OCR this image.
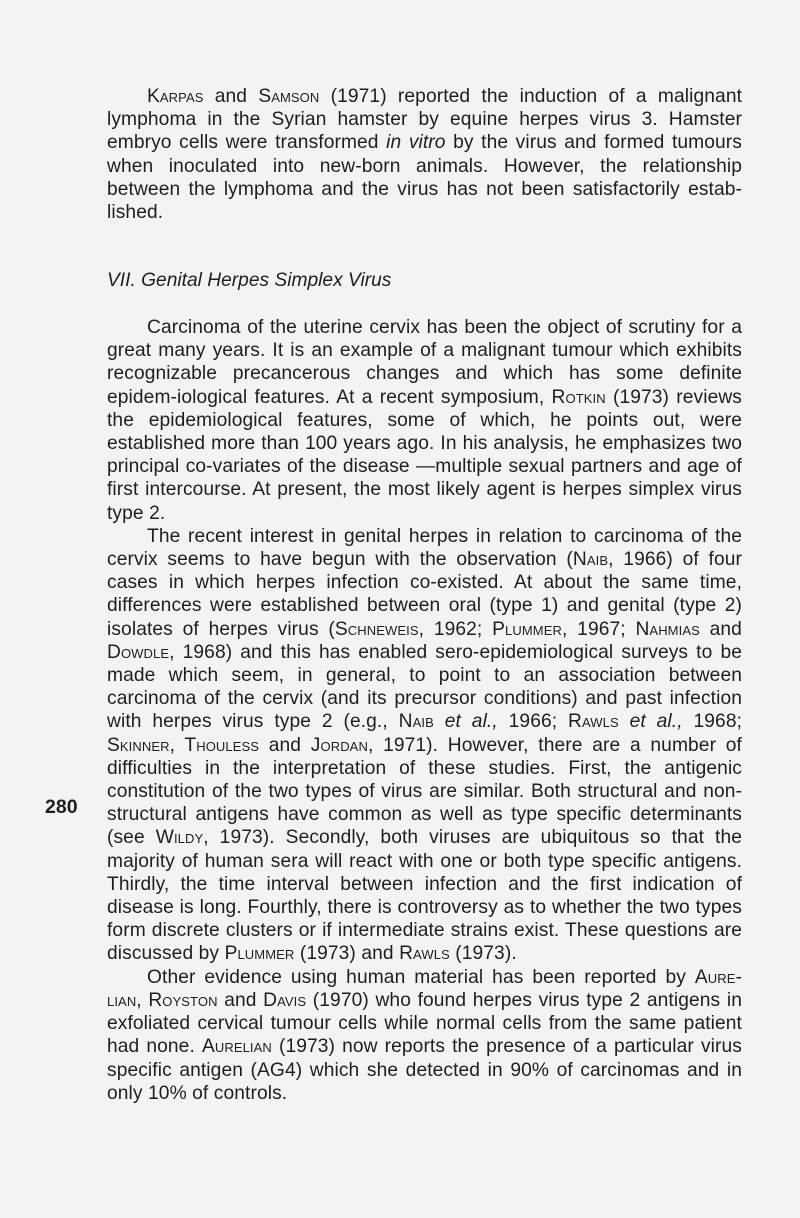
Karpas and Samson (1971) reported the induction of a malignant lymphoma in the Syrian hamster by equine herpes virus 3. Hamster embryo cells were transformed in vitro by the virus and formed tumours when inoculated into new-born animals. However, the relationship between the lymphoma and the virus has not been satisfactorily estab-lished.

VII. Genital Herpes Simplex Virus

Carcinoma of the uterine cervix has been the object of scrutiny for a great many years. It is an example of a malignant tumour which exhibits recognizable precancerous changes and which has some definite epidem-iological features. At a recent symposium, Rotkin (1973) reviews the epidemiological features, some of which, he points out, were established more than 100 years ago. In his analysis, he emphasizes two principal co-variates of the disease —multiple sexual partners and age of first intercourse. At present, the most likely agent is herpes simplex virus type 2.

The recent interest in genital herpes in relation to carcinoma of the cervix seems to have begun with the observation (Naib, 1966) of four cases in which herpes infection co-existed. At about the same time, differences were established between oral (type 1) and genital (type 2) isolates of herpes virus (Schneweis, 1962; Plummer, 1967; Nahmias and Dowdle, 1968) and this has enabled sero-epidemiological surveys to be made which seem, in general, to point to an association between carcinoma of the cervix (and its precursor conditions) and past infection with herpes virus type 2 (e.g., Naib et al., 1966; Rawls et al., 1968; Skinner, Thouless and Jordan, 1971). However, there are a number of difficulties in the interpretation of these studies. First, the antigenic constitution of the two types of virus are similar. Both structural and non-structural antigens have common as well as type specific determinants (see Wildy, 1973). Secondly, both viruses are ubiquitous so that the majority of human sera will react with one or both type specific antigens. Thirdly, the time interval between infection and the first indication of disease is long. Fourthly, there is controversy as to whether the two types form discrete clusters or if intermediate strains exist. These questions are discussed by Plummer (1973) and Rawls (1973).

Other evidence using human material has been reported by Aure-lian, Royston and Davis (1970) who found herpes virus type 2 antigens in exfoliated cervical tumour cells while normal cells from the same patient had none. Aurelian (1973) now reports the presence of a particular virus specific antigen (AG4) which she detected in 90% of carcinomas and in only 10% of controls.

280
